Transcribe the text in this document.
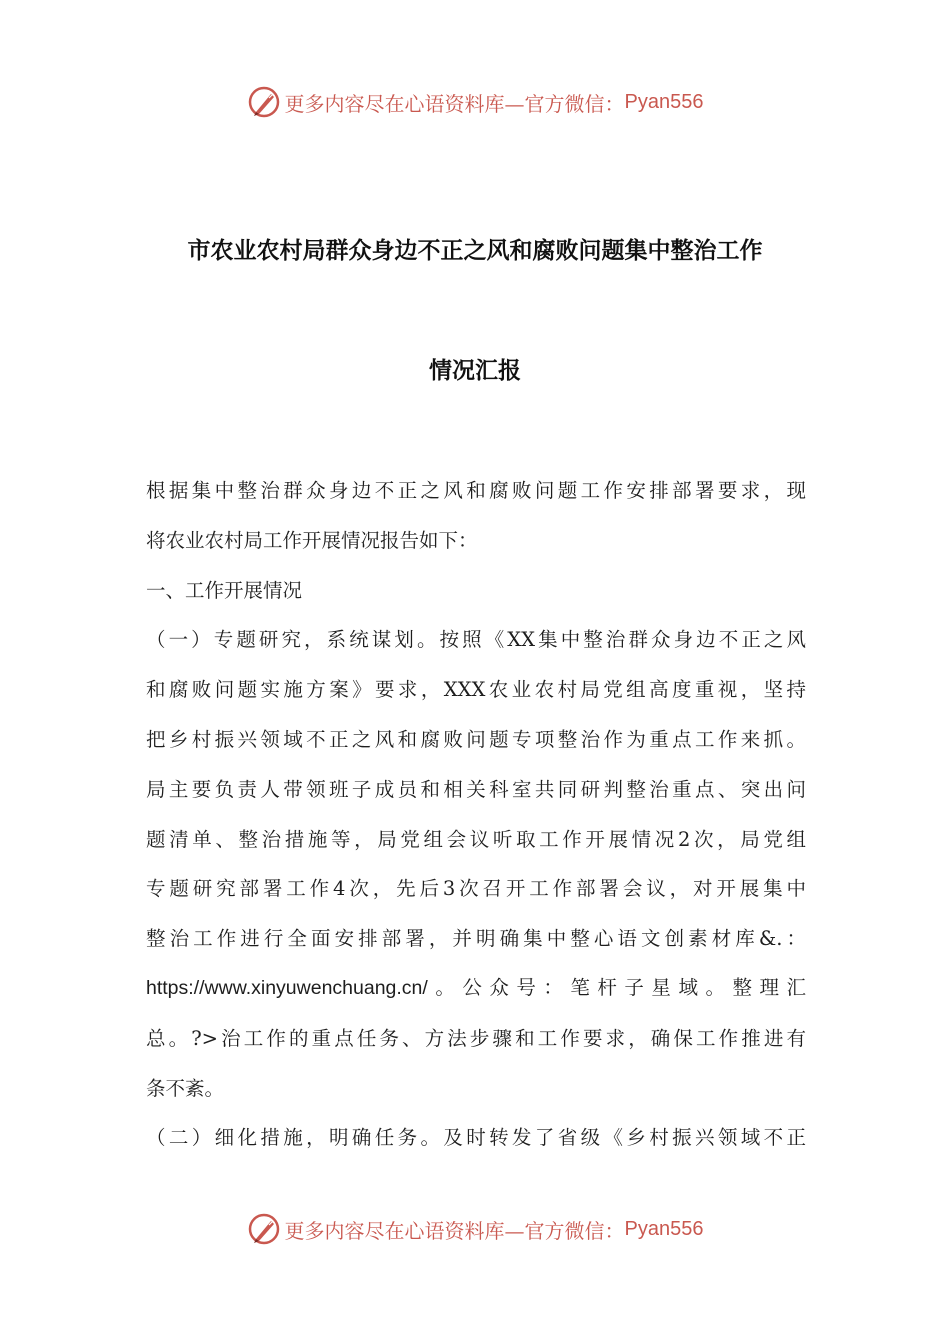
更多内容尽在心语资料库—官方微信： Pyan556
市农业农村局群众身边不正之风和腐败问题集中整治工作
情况汇报
根据集中整治群众身边不正之风和腐败问题工作安排部署要求，现
将农业农村局工作开展情况报告如下：
一、工作开展情况
（一）专题研究，系统谋划。按照《XX集中整治群众身边不正之风
和腐败问题实施方案》要求，XXX农业农村局党组高度重视，坚持
把乡村振兴领域不正之风和腐败问题专项整治作为重点工作来抓。
局主要负责人带领班子成员和相关科室共同研判整治重点、突出问
题清单、整治措施等，局党组会议听取工作开展情况2次，局党组
专题研究部署工作4次，先后3次召开工作部署会议，对开展集中
整治工作进行全面安排部署，并明确集中整心语文创素材库&.：
https://www.xinyuwenchuang.cn/。公众号：笔杆子星域。整理汇
总。?>治工作的重点任务、方法步骤和工作要求，确保工作推进有
条不紊。
（二）细化措施，明确任务。及时转发了省级《乡村振兴领域不正
更多内容尽在心语资料库—官方微信： Pyan556
